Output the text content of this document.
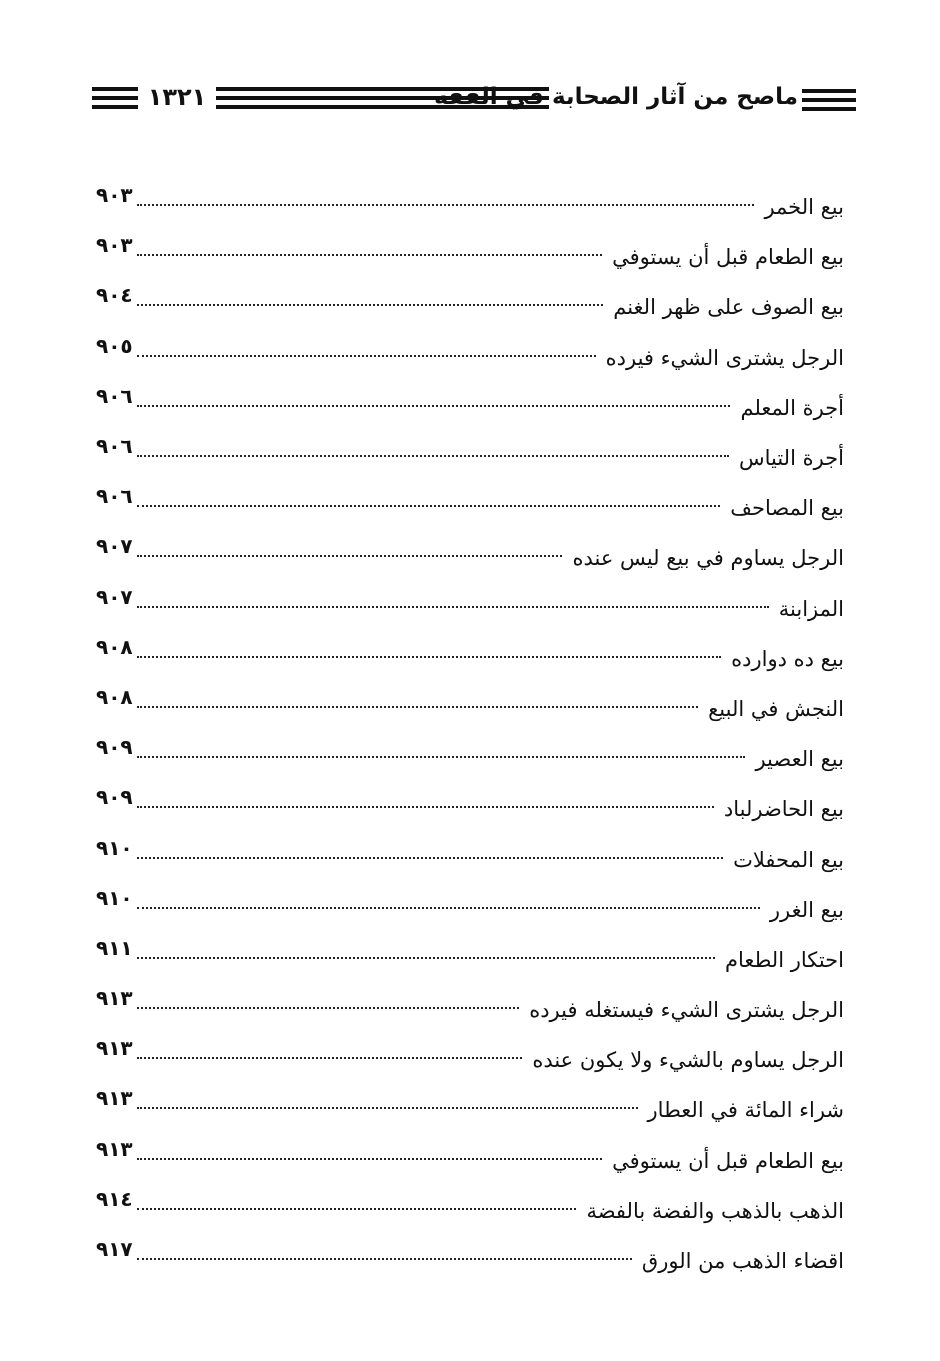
١٣٢١	ماصح من آثار الصحابة في الفقه
بيع الخمر
٩٠٣
بيع الطعام قبل أن يستوفي
٩٠٣
بيع الصوف على ظهر الغنم
٩٠٤
الرجل يشترى الشيء فيرده
٩٠٥
أجرة المعلم
٩٠٦
أجرة التياس
٩٠٦
بيع المصاحف
٩٠٦
الرجل يساوم في بيع ليس عنده
٩٠٧
المزابنة
٩٠٧
بيع ده دوارده
٩٠٨
النجش في البيع
٩٠٨
بيع العصير
٩٠٩
بيع الحاضرلباد
٩٠٩
بيع المحفلات
٩١٠
بيع الغرر
٩١٠
احتكار الطعام
٩١١
الرجل يشترى الشيء فيستغله فيرده
٩١٣
الرجل يساوم بالشيء ولا يكون عنده
٩١٣
شراء المائة في العطار
٩١٣
بيع الطعام قبل أن يستوفي
٩١٣
الذهب بالذهب والفضة بالفضة
٩١٤
اقضاء الذهب من الورق
٩١٧
